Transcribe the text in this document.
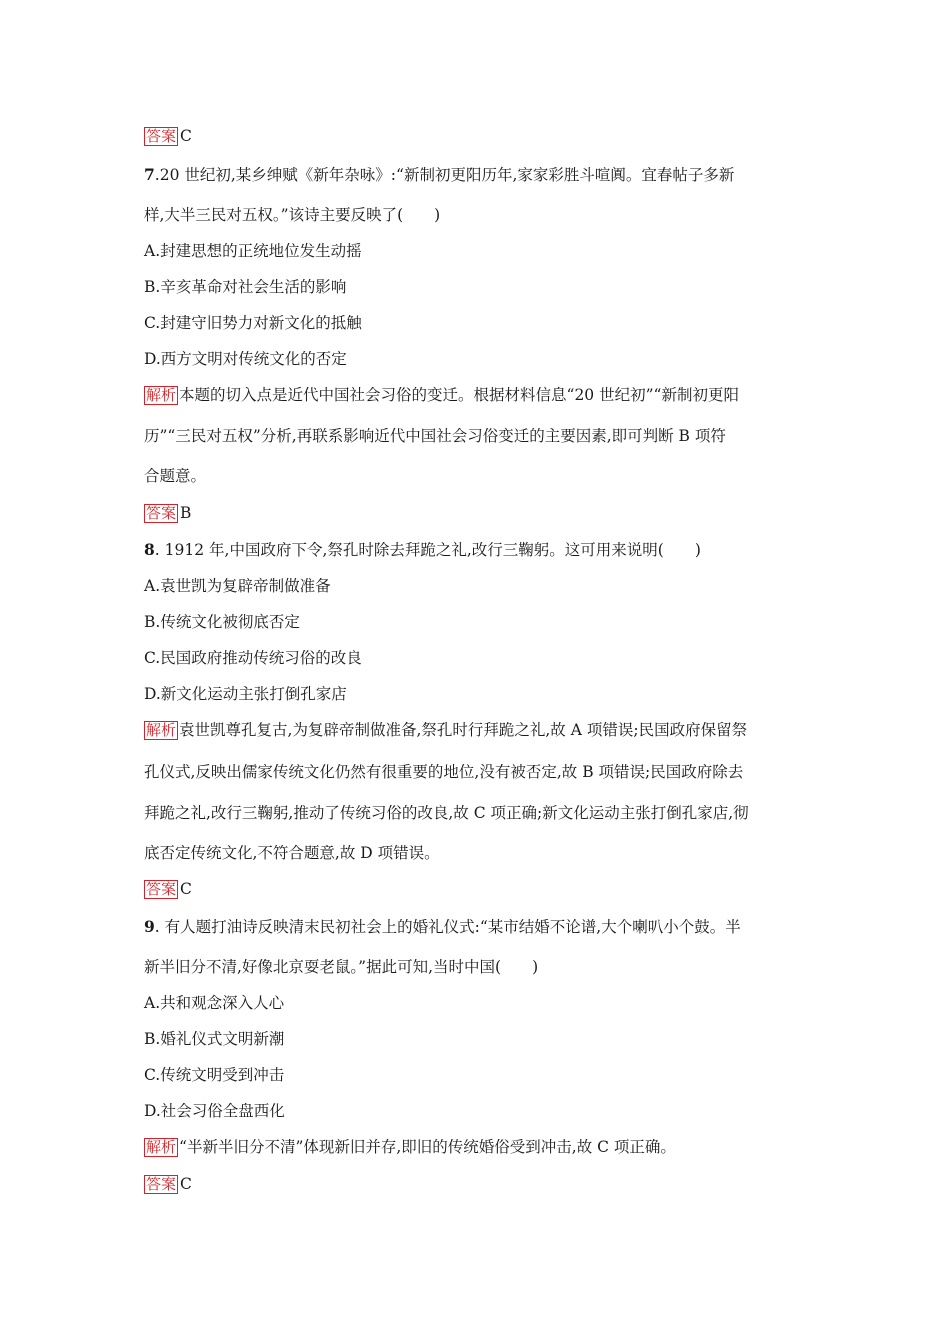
答案 C
7.20 世纪初,某乡绅赋《新年杂咏》:“新制初更阳历年,家家彩胜斗喧阗。宜春帖子多新
样,大半三民对五权。”该诗主要反映了(　　)
A.封建思想的正统地位发生动摇
B.辛亥革命对社会生活的影响
C.封建守旧势力对新文化的抵触
D.西方文明对传统文化的否定
解析 本题的切入点是近代中国社会习俗的变迁。根据材料信息“20 世纪初”“新制初更阳
历”“三民对五权”分析,再联系影响近代中国社会习俗变迁的主要因素,即可判断 B 项符
合题意。
答案 B
8. 1912 年,中国政府下令,祭孔时除去拜跪之礼,改行三鞠躬。这可用来说明(　　)
A.袁世凯为复辟帝制做准备
B.传统文化被彻底否定
C.民国政府推动传统习俗的改良
D.新文化运动主张打倒孔家店
解析 袁世凯尊孔复古,为复辟帝制做准备,祭孔时行拜跪之礼,故 A 项错误;民国政府保留祭
孔仪式,反映出儒家传统文化仍然有很重要的地位,没有被否定,故 B 项错误;民国政府除去
拜跪之礼,改行三鞠躬,推动了传统习俗的改良,故 C 项正确;新文化运动主张打倒孔家店,彻
底否定传统文化,不符合题意,故 D 项错误。
答案 C
9. 有人题打油诗反映清末民初社会上的婚礼仪式:“某市结婚不论谱,大个喇叭小个鼓。半
新半旧分不清,好像北京耍老鼠。”据此可知,当时中国(　　)
A.共和观念深入人心
B.婚礼仪式文明新潮
C.传统文明受到冲击
D.社会习俗全盘西化
解析 “半新半旧分不清”体现新旧并存,即旧的传统婚俗受到冲击,故 C 项正确。
答案 C
